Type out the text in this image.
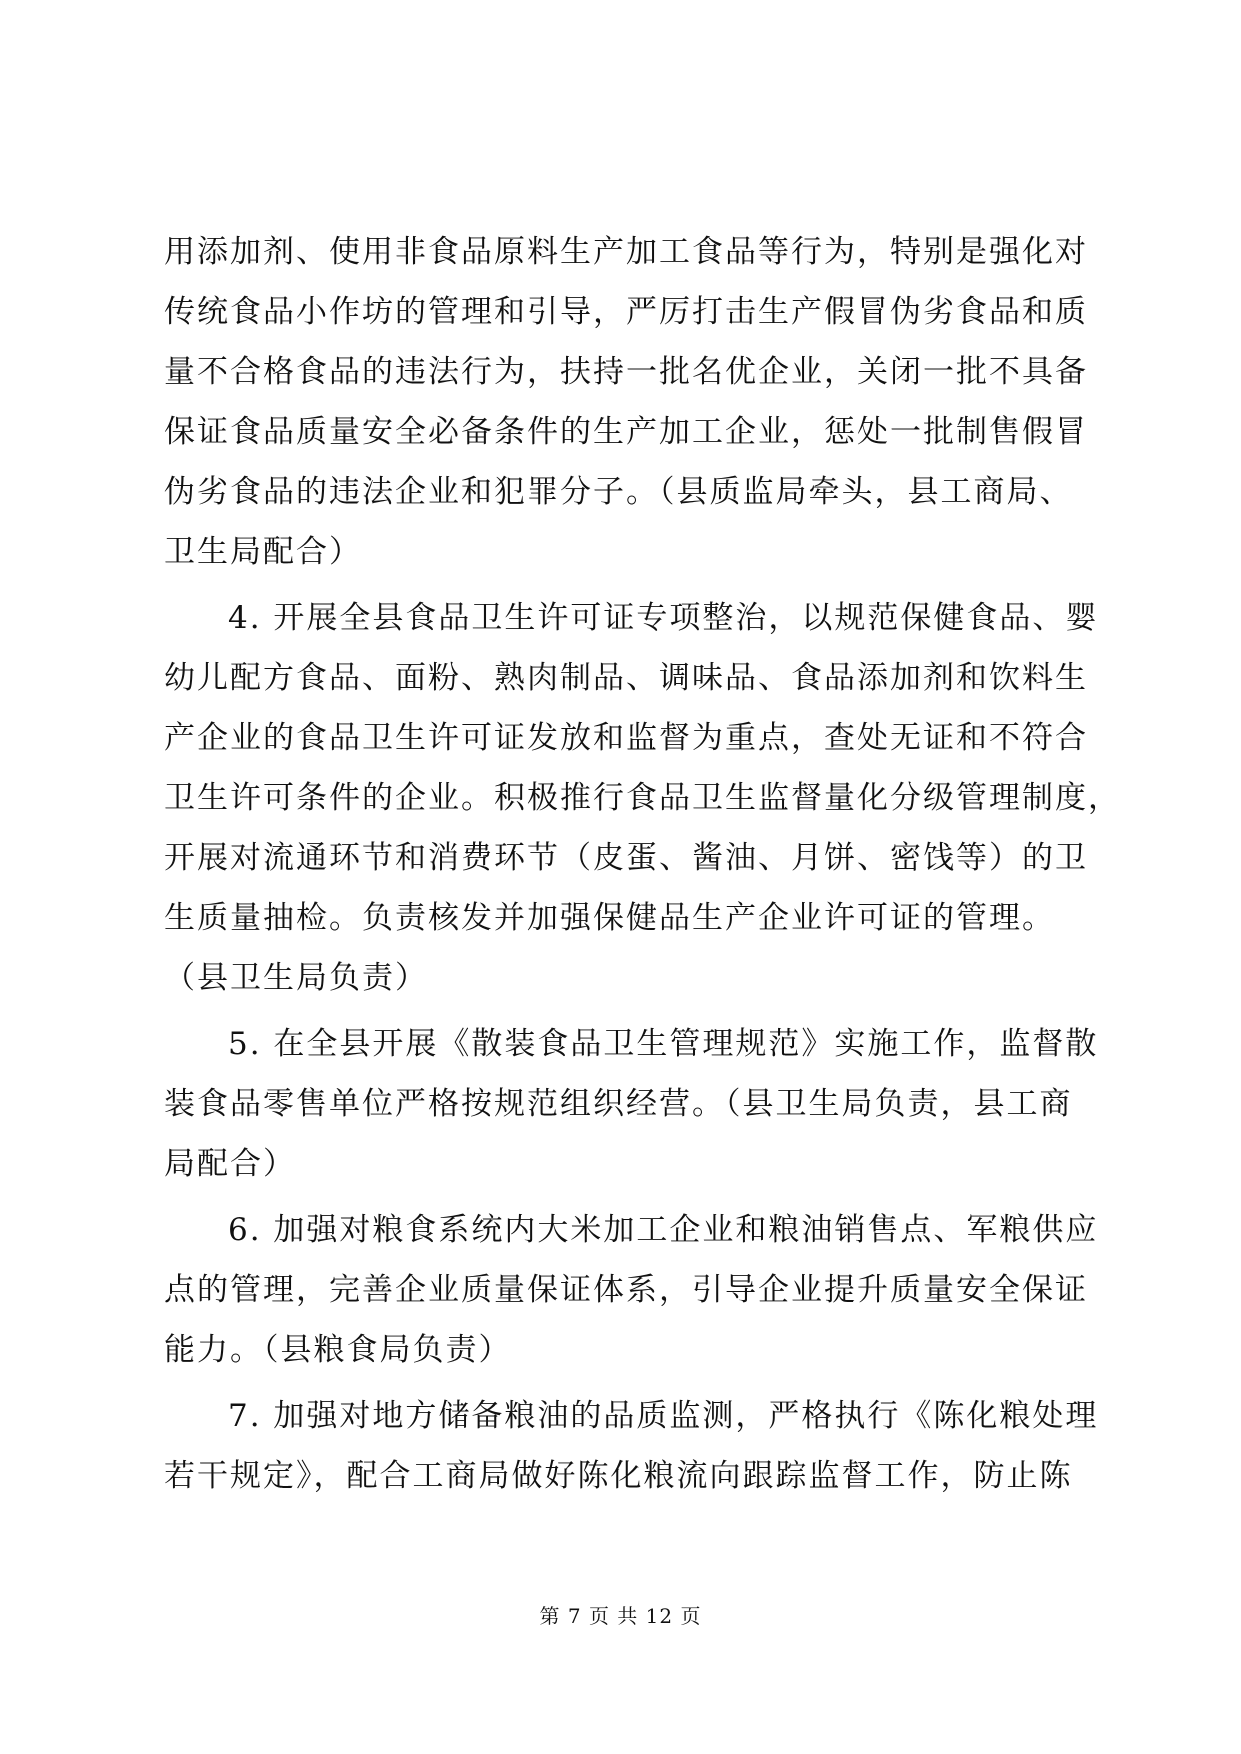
用添加剂、使用非食品原料生产加工食品等行为，特别是强化对
传统食品小作坊的管理和引导，严厉打击生产假冒伪劣食品和质
量不合格食品的违法行为，扶持一批名优企业，关闭一批不具备
保证食品质量安全必备条件的生产加工企业，惩处一批制售假冒
伪劣食品的违法企业和犯罪分子。（县质监局牵头，县工商局、
卫生局配合）

4. 开展全县食品卫生许可证专项整治，以规范保健食品、婴
幼儿配方食品、面粉、熟肉制品、调味品、食品添加剂和饮料生
产企业的食品卫生许可证发放和监督为重点，查处无证和不符合
卫生许可条件的企业。积极推行食品卫生监督量化分级管理制度，
开展对流通环节和消费环节（皮蛋、酱油、月饼、密饯等）的卫
生质量抽检。负责核发并加强保健品生产企业许可证的管理。
（县卫生局负责）

5. 在全县开展《散装食品卫生管理规范》实施工作，监督散
装食品零售单位严格按规范组织经营。（县卫生局负责，县工商
局配合）

6. 加强对粮食系统内大米加工企业和粮油销售点、军粮供应
点的管理，完善企业质量保证体系，引导企业提升质量安全保证
能力。（县粮食局负责）

7. 加强对地方储备粮油的品质监测，严格执行《陈化粮处理
若干规定》，配合工商局做好陈化粮流向跟踪监督工作，防止陈

第 7 页 共 12 页
